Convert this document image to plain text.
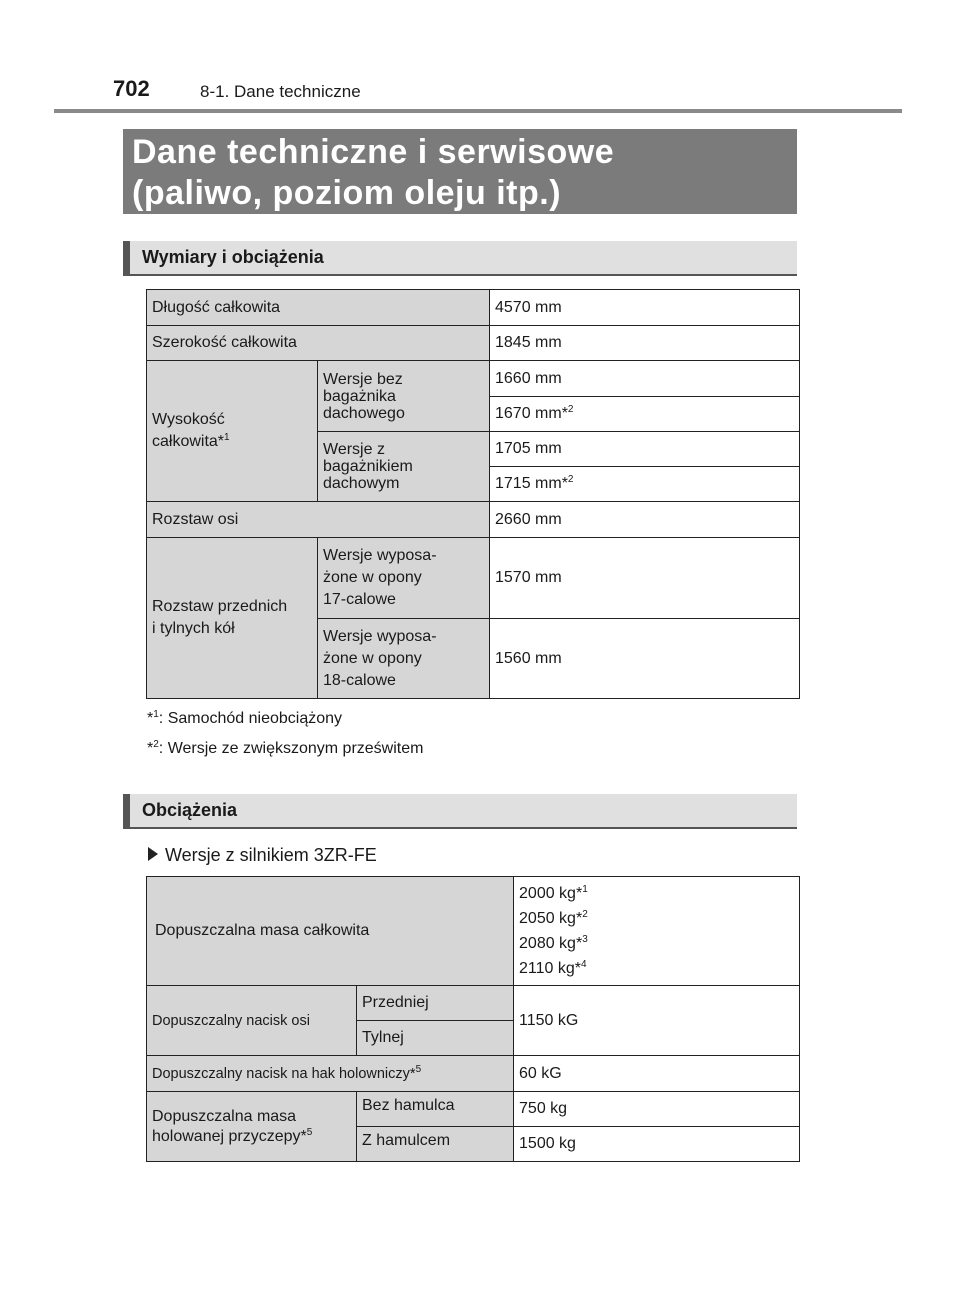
702	8-1. Dane techniczne
Dane techniczne i serwisowe
(paliwo, poziom oleju itp.)
Wymiary i obciążenia
Długość całkowita		4570 mm
Szerokość całkowita		1845 mm
Wysokość
całkowita*$^1$	Wersje bez
bagażnika
dachowego	1660 mm
		1670 mm*$^2$
	Wersje z
bagażnikiem
dachowym	1705 mm
		1715 mm*$^2$
Rozstaw osi		2660 mm
Rozstaw przednich
i tylnych kół	Wersje wyposa-
żone w opony
17-calowe	1570 mm
	Wersje wyposa-
żone w opony
18-calowe	1560 mm
*$^1$: Samochód nieobciążony
*$^2$: Wersje ze zwiększonym prześwitem
Obciążenia
Wersje z silnikiem 3ZR-FE
Dopuszczalna masa całkowita		2000 kg*$^1$
2050 kg*$^2$
2080 kg*$^3$
2110 kg*$^4$
Dopuszczalny nacisk osi	Przedniej	1150 kG
	Tylnej	
Dopuszczalny nacisk na hak holowniczy*$^5$		60 kG
Dopuszczalna masa
holowanej przyczepy*$^5$	Bez hamulca	750 kg
	Z hamulcem	1500 kg
